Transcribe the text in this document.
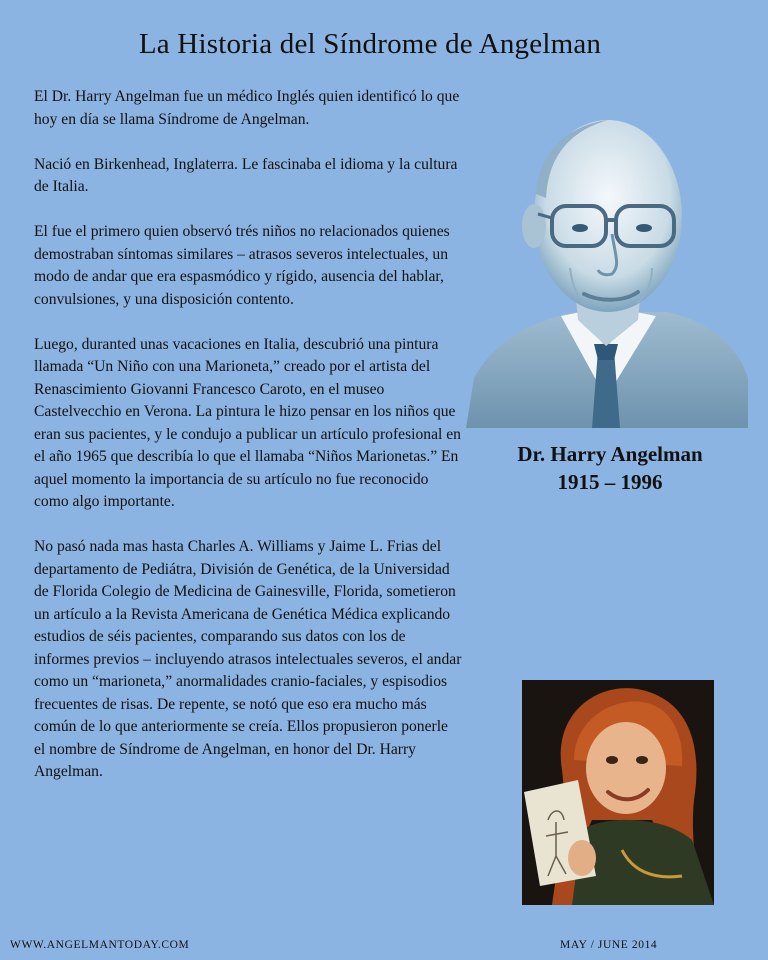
La Historia del Síndrome de Angelman

El Dr. Harry Angelman fue un médico Inglés quien identificó lo que hoy en día se llama Síndrome de Angelman.

Nació en Birkenhead, Inglaterra. Le fascinaba el idioma y la cultura de Italia.

El fue el primero quien observó trés niños no relacionados quienes demostraban síntomas similares – atrasos severos intelectuales, un modo de andar que era espasmódico y rígido, ausencia del hablar, convulsiones, y una disposición contento.

Luego, duranted unas vacaciones en Italia, descubrió una pintura llamada “Un Niño con una Marioneta,” creado por el artista del Renascimiento Giovanni Francesco Caroto, en el museo Castelvecchio en Verona. La pintura le hizo pensar en los niños que eran sus pacientes, y le condujo a publicar un artículo profesional en el año 1965 que describía lo que el llamaba “Niños Marionetas.” En aquel momento la importancia de su artículo no fue reconocido como algo importante.

No pasó nada mas hasta Charles A. Williams y Jaime L. Frias del departamento de Pediátra, División de Genética, de la Universidad de Florida Colegio de Medicina de Gainesville, Florida, sometieron un artículo a la Revista Americana de Genética Médica explicando estudios de séis pacientes, comparando sus datos con los de informes previos – incluyendo atrasos intelectuales severos, el andar como un “marioneta,” anormalidades cranio-faciales, y espisodios frecuentes de risas. De repente, se notó que eso era mucho más común de lo que anteriormente se creía. Ellos propusieron ponerle el nombre de Síndrome de Angelman, en honor del Dr. Harry Angelman.

Dr. Harry Angelman
1915 – 1996
WWW.ANGELMANTODAY.COM	MAY / JUNE 2014
